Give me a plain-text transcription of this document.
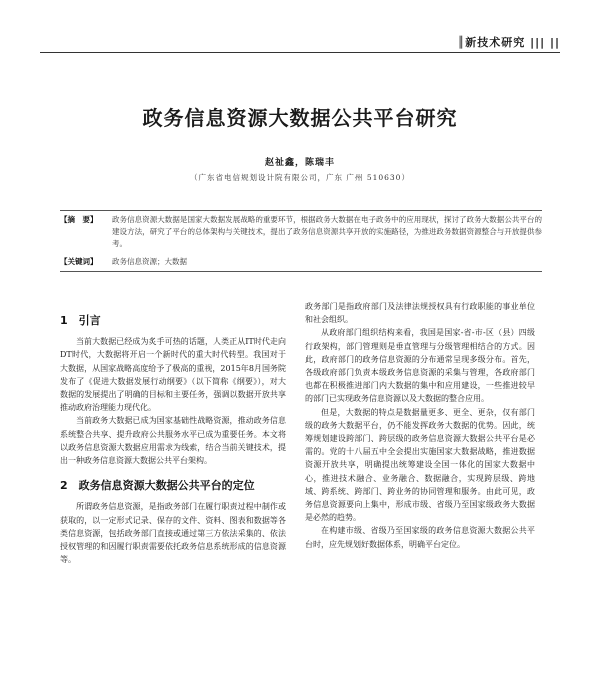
║新技术研究 ||| ||
政务信息资源大数据公共平台研究
赵祉鑫，陈瑞丰
（广东省电信规划设计院有限公司，广东 广州 510630）
【摘　要】	政务信息资源大数据是国家大数据发展战略的重要环节，根据政务大数据在电子政务中的应用现状，探讨了政务大数据公共平台的建设方法，研究了平台的总体架构与关键技术，提出了政务信息资源共享开放的实施路径，为推进政务数据资源整合与开放提供参考。
【关键词】	政务信息资源；大数据
1　引言

当前大数据已经成为炙手可热的话题，人类正从IT时代走向DT时代，大数据将开启一个新时代的重大时代转型。我国对于大数据，从国家战略高度给予了极高的重视，2015年8月国务院发布了《促进大数据发展行动纲要》（以下简称《纲要》），对大数据的发展提出了明确的目标和主要任务，强调以数据开放共享推动政府治理能力现代化。

当前政务大数据已成为国家基础性战略资源，推动政务信息系统整合共享、提升政府公共服务水平已成为重要任务。本文将以政务信息资源大数据应用需求为线索，结合当前关键技术，提出一种政务信息资源大数据公共平台架构。

2　政务信息资源大数据公共平台的定位

所谓政务信息资源，是指政务部门在履行职责过程中制作或获取的，以一定形式记录、保存的文件、资料、图表和数据等各类信息资源，包括政务部门直接或通过第三方依法采集的、依法授权管理的和因履行职责需要依托政务信息系统形成的信息资源等。

政务部门是指政府部门及法律法规授权具有行政职能的事业单位和社会组织。

从政府部门组织结构来看，我国是国家-省-市-区（县）四级行政架构，部门管理则是垂直管理与分级管理相结合的方式。因此，政府部门的政务信息资源的分布通常呈现多级分布。首先，各级政府部门负责本级政务信息资源的采集与管理，各政府部门也都在积极推进部门内大数据的集中和应用建设，一些推进较早的部门已实现政务信息资源以及大数据的整合应用。

但是，大数据的特点是数据量更多、更全、更杂，仅有部门级的政务大数据平台，仍不能发挥政务大数据的优势。因此，统筹规划建设跨部门、跨层级的政务信息资源大数据公共平台是必需的。党的十八届五中全会提出实施国家大数据战略，推进数据资源开放共享，明确提出统筹建设全国一体化的国家大数据中心，推进技术融合、业务融合、数据融合，实现跨层级、跨地域、跨系统、跨部门、跨业务的协同管理和服务。由此可见，政务信息资源要向上集中，形成市级、省级乃至国家级政务大数据是必然的趋势。

在构建市级、省级乃至国家级的政务信息资源大数据公共平台时，应先规划好数据体系，明确平台定位。
